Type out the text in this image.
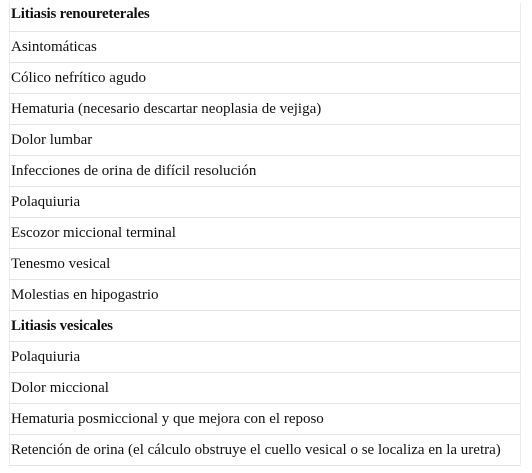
Litiasis renoureterales
Asintomáticas
Cólico nefrítico agudo
Hematuria (necesario descartar neoplasia de vejiga)
Dolor lumbar
Infecciones de orina de difícil resolución
Polaquiuria
Escozor miccional terminal
Tenesmo vesical
Molestias en hipogastrio
Litiasis vesicales
Polaquiuria
Dolor miccional
Hematuria posmiccional y que mejora con el reposo
Retención de orina (el cálculo obstruye el cuello vesical o se localiza en la uretra)
